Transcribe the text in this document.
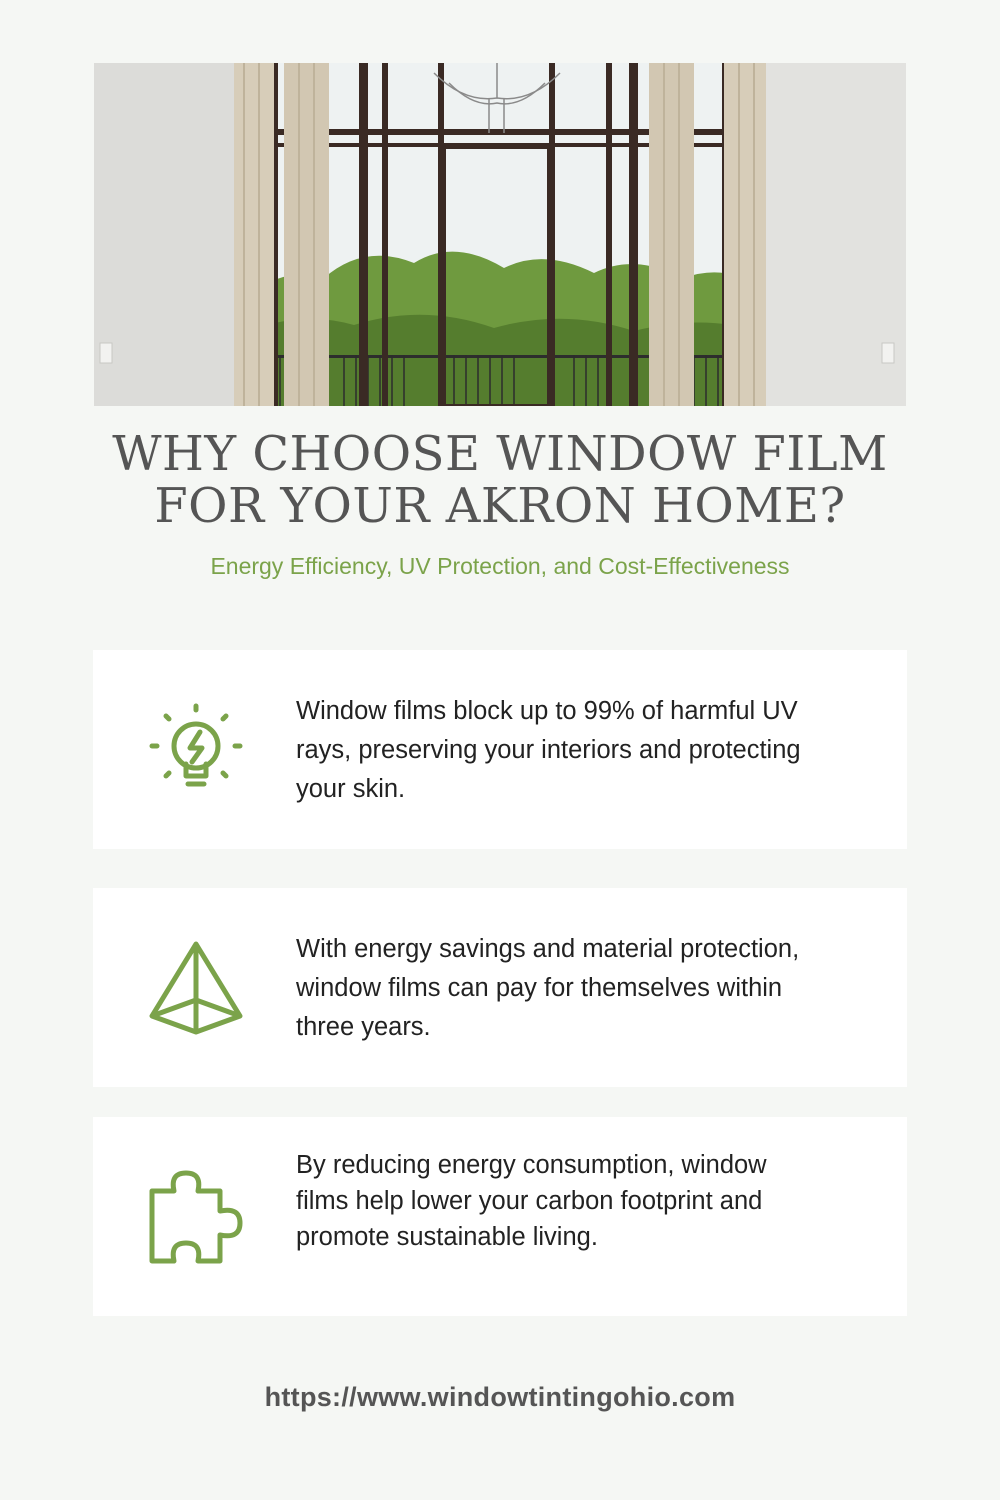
WHY CHOOSE WINDOW FILM
FOR YOUR AKRON HOME?
Energy Efficiency, UV Protection, and Cost-Effectiveness
Window films block up to 99% of harmful UV rays, preserving your interiors and protecting your skin.
With energy savings and material protection, window films can pay for themselves within three years.
By reducing energy consumption, window films help lower your carbon footprint and promote sustainable living.
https://www.windowtintingohio.com
